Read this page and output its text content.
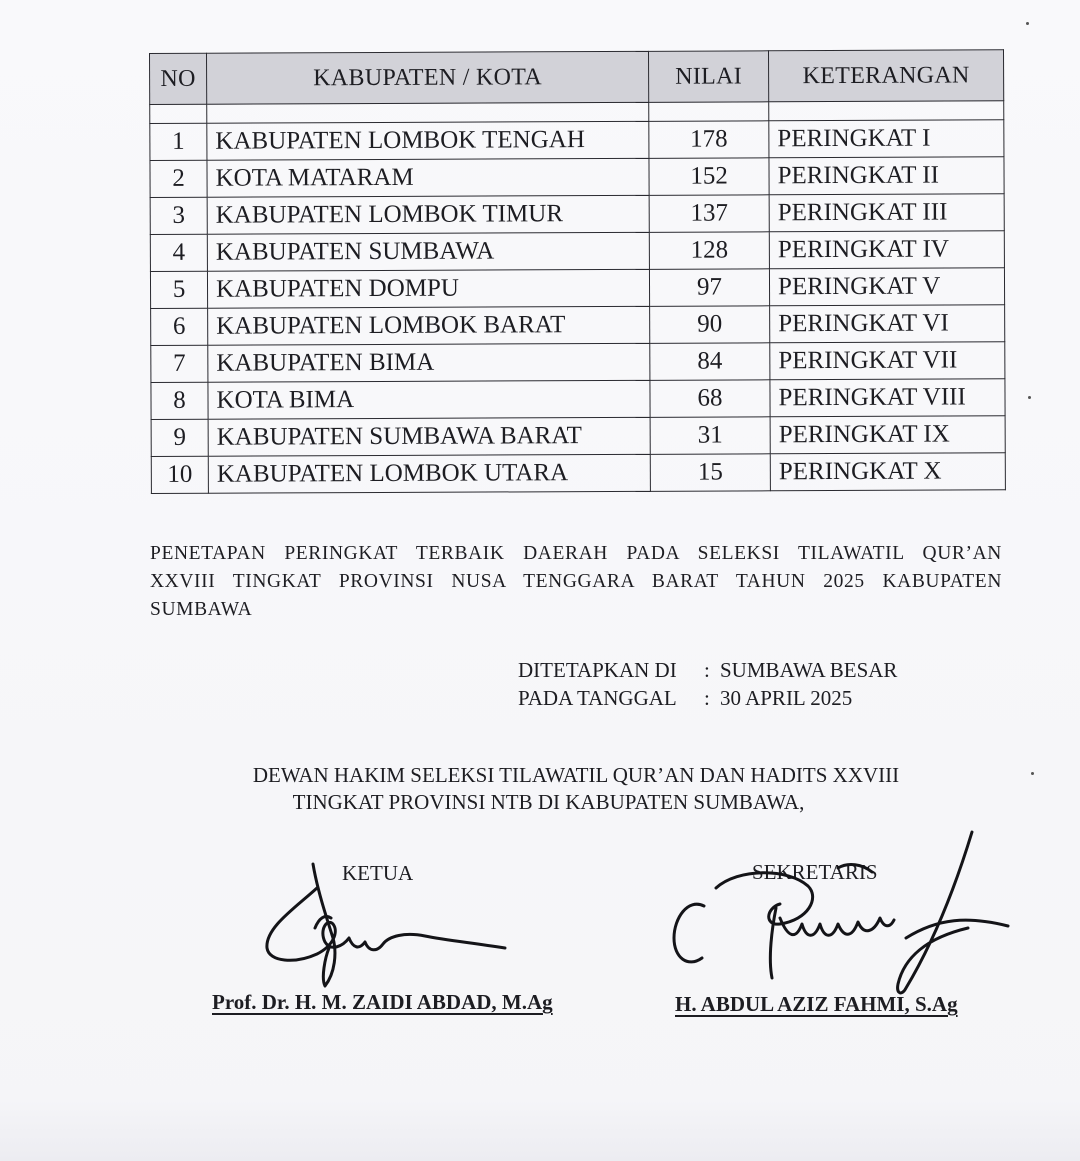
NO	KABUPATEN / KOTA	NILAI	KETERANGAN

1	KABUPATEN LOMBOK TENGAH	178	PERINGKAT I
2	KOTA MATARAM	152	PERINGKAT II
3	KABUPATEN LOMBOK TIMUR	137	PERINGKAT III
4	KABUPATEN SUMBAWA	128	PERINGKAT IV
5	KABUPATEN DOMPU	97	PERINGKAT V
6	KABUPATEN LOMBOK BARAT	90	PERINGKAT VI
7	KABUPATEN BIMA	84	PERINGKAT VII
8	KOTA BIMA	68	PERINGKAT VIII
9	KABUPATEN SUMBAWA BARAT	31	PERINGKAT IX
10	KABUPATEN LOMBOK UTARA	15	PERINGKAT X
PENETAPAN PERINGKAT TERBAIK DAERAH PADA SELEKSI TILAWATIL QUR’AN
XXVIII TINGKAT PROVINSI NUSA TENGGARA BARAT TAHUN 2025 KABUPATEN
SUMBAWA
DITETAPKAN DI	: SUMBAWA BESAR
PADA TANGGAL	: 30 APRIL 2025
DEWAN HAKIM SELEKSI TILAWATIL QUR’AN DAN HADITS XXVIII
TINGKAT PROVINSI NTB DI KABUPATEN SUMBAWA,
KETUA	SEKRETARIS
Prof. Dr. H. M. ZAIDI ABDAD, M.Ag	H. ABDUL AZIZ FAHMI, S.Ag
